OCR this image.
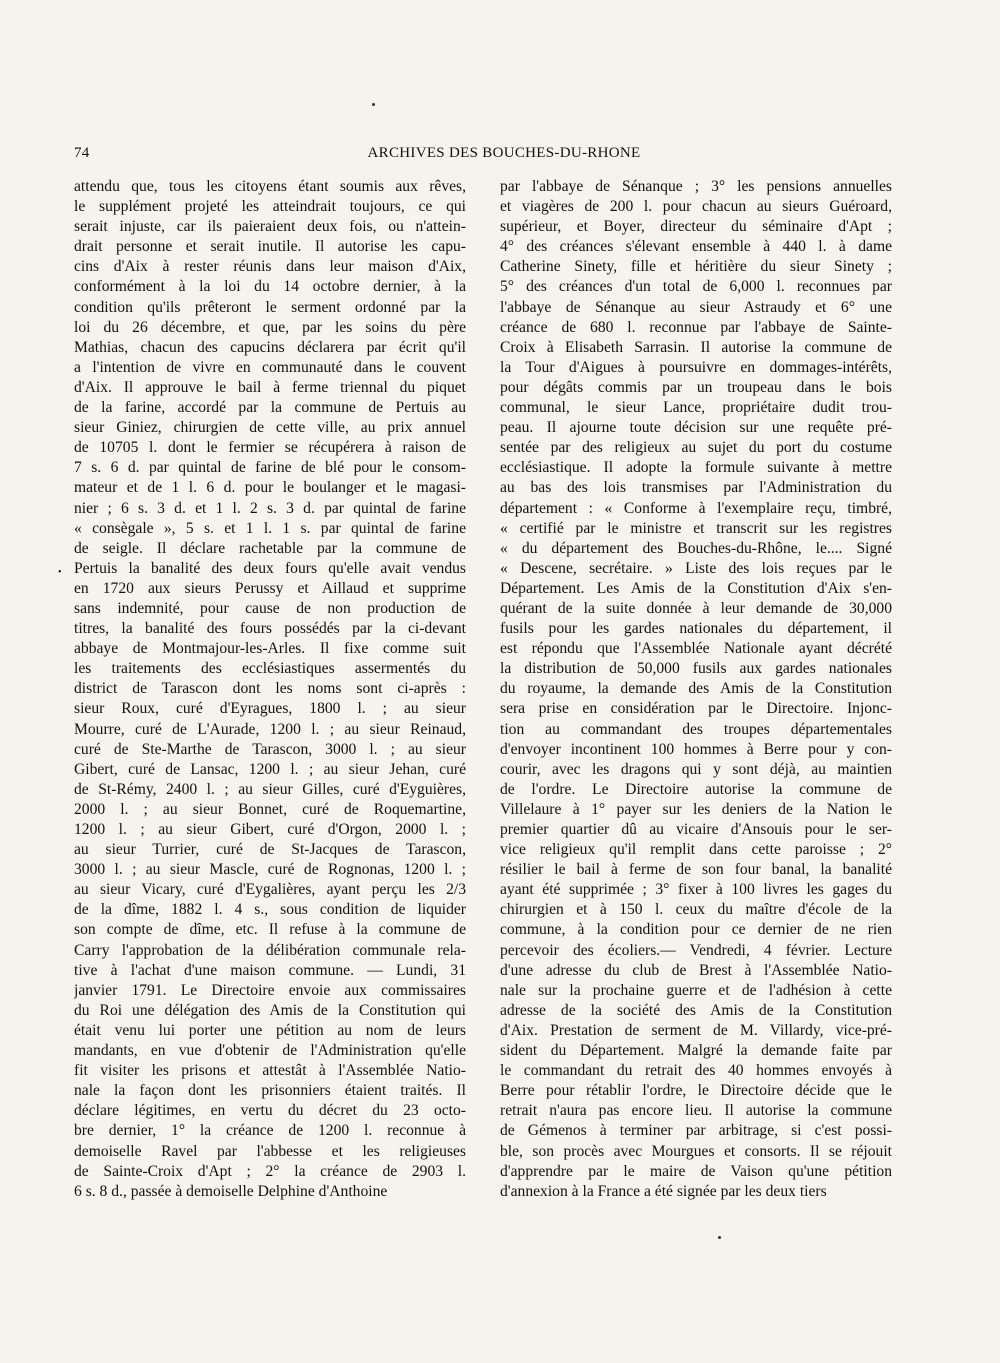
74	ARCHIVES DES BOUCHES-DU-RHONE
•
attendu que, tous les citoyens étant soumis aux rêves,
le supplément projeté les atteindrait toujours, ce qui
serait injuste, car ils paieraient deux fois, ou n'attein-
drait personne et serait inutile. Il autorise les capu-
cins d'Aix à rester réunis dans leur maison d'Aix,
conformément à la loi du 14 octobre dernier, à la
condition qu'ils prêteront le serment ordonné par la
loi du 26 décembre, et que, par les soins du père
Mathias, chacun des capucins déclarera par écrit qu'il
a l'intention de vivre en communauté dans le couvent
d'Aix. Il approuve le bail à ferme triennal du piquet
de la farine, accordé par la commune de Pertuis au
sieur Giniez, chirurgien de cette ville, au prix annuel
de 10705 l. dont le fermier se récupérera à raison de
7 s. 6 d. par quintal de farine de blé pour le consom-
mateur et de 1 l. 6 d. pour le boulanger et le magasi-
nier ; 6 s. 3 d. et 1 l. 2 s. 3 d. par quintal de farine
« consègale », 5 s. et 1 l. 1 s. par quintal de farine
de seigle. Il déclare rachetable par la commune de
Pertuis la banalité des deux fours qu'elle avait vendus
en 1720 aux sieurs Perussy et Aillaud et supprime
sans indemnité, pour cause de non production de
titres, la banalité des fours possédés par la ci-devant
abbaye de Montmajour-les-Arles. Il fixe comme suit
les traitements des ecclésiastiques assermentés du
district de Tarascon dont les noms sont ci-après :
sieur Roux, curé d'Eyragues, 1800 l. ; au sieur
Mourre, curé de L'Aurade, 1200 l. ; au sieur Reinaud,
curé de Ste-Marthe de Tarascon, 3000 l. ; au sieur
Gibert, curé de Lansac, 1200 l. ; au sieur Jehan, curé
de St-Rémy, 2400 l. ; au sieur Gilles, curé d'Eyguières,
2000 l. ; au sieur Bonnet, curé de Roquemartine,
1200 l. ; au sieur Gibert, curé d'Orgon, 2000 l. ;
au sieur Turrier, curé de St-Jacques de Tarascon,
3000 l. ; au sieur Mascle, curé de Rognonas, 1200 l. ;
au sieur Vicary, curé d'Eygalières, ayant perçu les 2/3
de la dîme, 1882 l. 4 s., sous condition de liquider
son compte de dîme, etc. Il refuse à la commune de
Carry l'approbation de la délibération communale rela-
tive à l'achat d'une maison commune. — Lundi, 31
janvier 1791. Le Directoire envoie aux commissaires
du Roi une délégation des Amis de la Constitution qui
était venu lui porter une pétition au nom de leurs
mandants, en vue d'obtenir de l'Administration qu'elle
fit visiter les prisons et attestât à l'Assemblée Natio-
nale la façon dont les prisonniers étaient traités. Il
déclare légitimes, en vertu du décret du 23 octo-
bre dernier, 1° la créance de 1200 l. reconnue à
demoiselle Ravel par l'abbesse et les religieuses
de Sainte-Croix d'Apt ; 2° la créance de 2903 l.
6 s. 8 d., passée à demoiselle Delphine d'Anthoine
par l'abbaye de Sénanque ; 3° les pensions annuelles
et viagères de 200 l. pour chacun au sieurs Guéroard,
supérieur, et Boyer, directeur du séminaire d'Apt ;
4° des créances s'élevant ensemble à 440 l. à dame
Catherine Sinety, fille et héritière du sieur Sinety ;
5° des créances d'un total de 6,000 l. reconnues par
l'abbaye de Sénanque au sieur Astraudy et 6° une
créance de 680 l. reconnue par l'abbaye de Sainte-
Croix à Elisabeth Sarrasin. Il autorise la commune de
la Tour d'Aigues à poursuivre en dommages-intérêts,
pour dégâts commis par un troupeau dans le bois
communal, le sieur Lance, propriétaire dudit trou-
peau. Il ajourne toute décision sur une requête pré-
sentée par des religieux au sujet du port du costume
ecclésiastique. Il adopte la formule suivante à mettre
au bas des lois transmises par l'Administration du
département : « Conforme à l'exemplaire reçu, timbré,
« certifié par le ministre et transcrit sur les registres
« du département des Bouches-du-Rhône, le.... Signé
« Descene, secrétaire. » Liste des lois reçues par le
Département. Les Amis de la Constitution d'Aix s'en-
quérant de la suite donnée à leur demande de 30,000
fusils pour les gardes nationales du département, il
est répondu que l'Assemblée Nationale ayant décrété
la distribution de 50,000 fusils aux gardes nationales
du royaume, la demande des Amis de la Constitution
sera prise en considération par le Directoire. Injonc-
tion au commandant des troupes départementales
d'envoyer incontinent 100 hommes à Berre pour y con-
courir, avec les dragons qui y sont déjà, au maintien
de l'ordre. Le Directoire autorise la commune de
Villelaure à 1° payer sur les deniers de la Nation le
premier quartier dû au vicaire d'Ansouis pour le ser-
vice religieux qu'il remplit dans cette paroisse ; 2°
résilier le bail à ferme de son four banal, la banalité
ayant été supprimée ; 3° fixer à 100 livres les gages du
chirurgien et à 150 l. ceux du maître d'école de la
commune, à la condition pour ce dernier de ne rien
percevoir des écoliers.— Vendredi, 4 février. Lecture
d'une adresse du club de Brest à l'Assemblée Natio-
nale sur la prochaine guerre et de l'adhésion à cette
adresse de la société des Amis de la Constitution
d'Aix. Prestation de serment de M. Villardy, vice-pré-
sident du Département. Malgré la demande faite par
le commandant du retrait des 40 hommes envoyés à
Berre pour rétablir l'ordre, le Directoire décide que le
retrait n'aura pas encore lieu. Il autorise la commune
de Gémenos à terminer par arbitrage, si c'est possi-
ble, son procès avec Mourgues et consorts. Il se réjouit
d'apprendre par le maire de Vaison qu'une pétition
d'annexion à la France a été signée par les deux tiers
